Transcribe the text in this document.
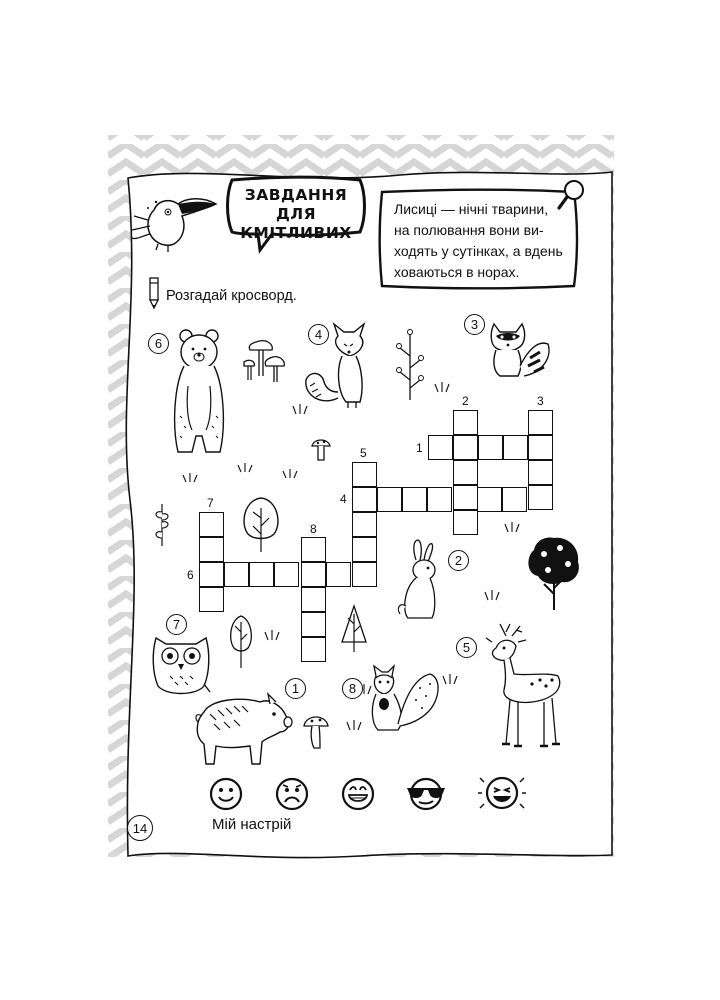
ЗАВДАННЯ
ДЛЯ КМІТЛИВИХ
Лисиці — нічні тварини,
на полювання вони ви-
ходять у сутінках, а вдень
ховаються в норах.
Розгадай кросворд.
1
2	3
4
5
6
7
8
6
4
3
2
7
5
8
1
Мій настрій
14
